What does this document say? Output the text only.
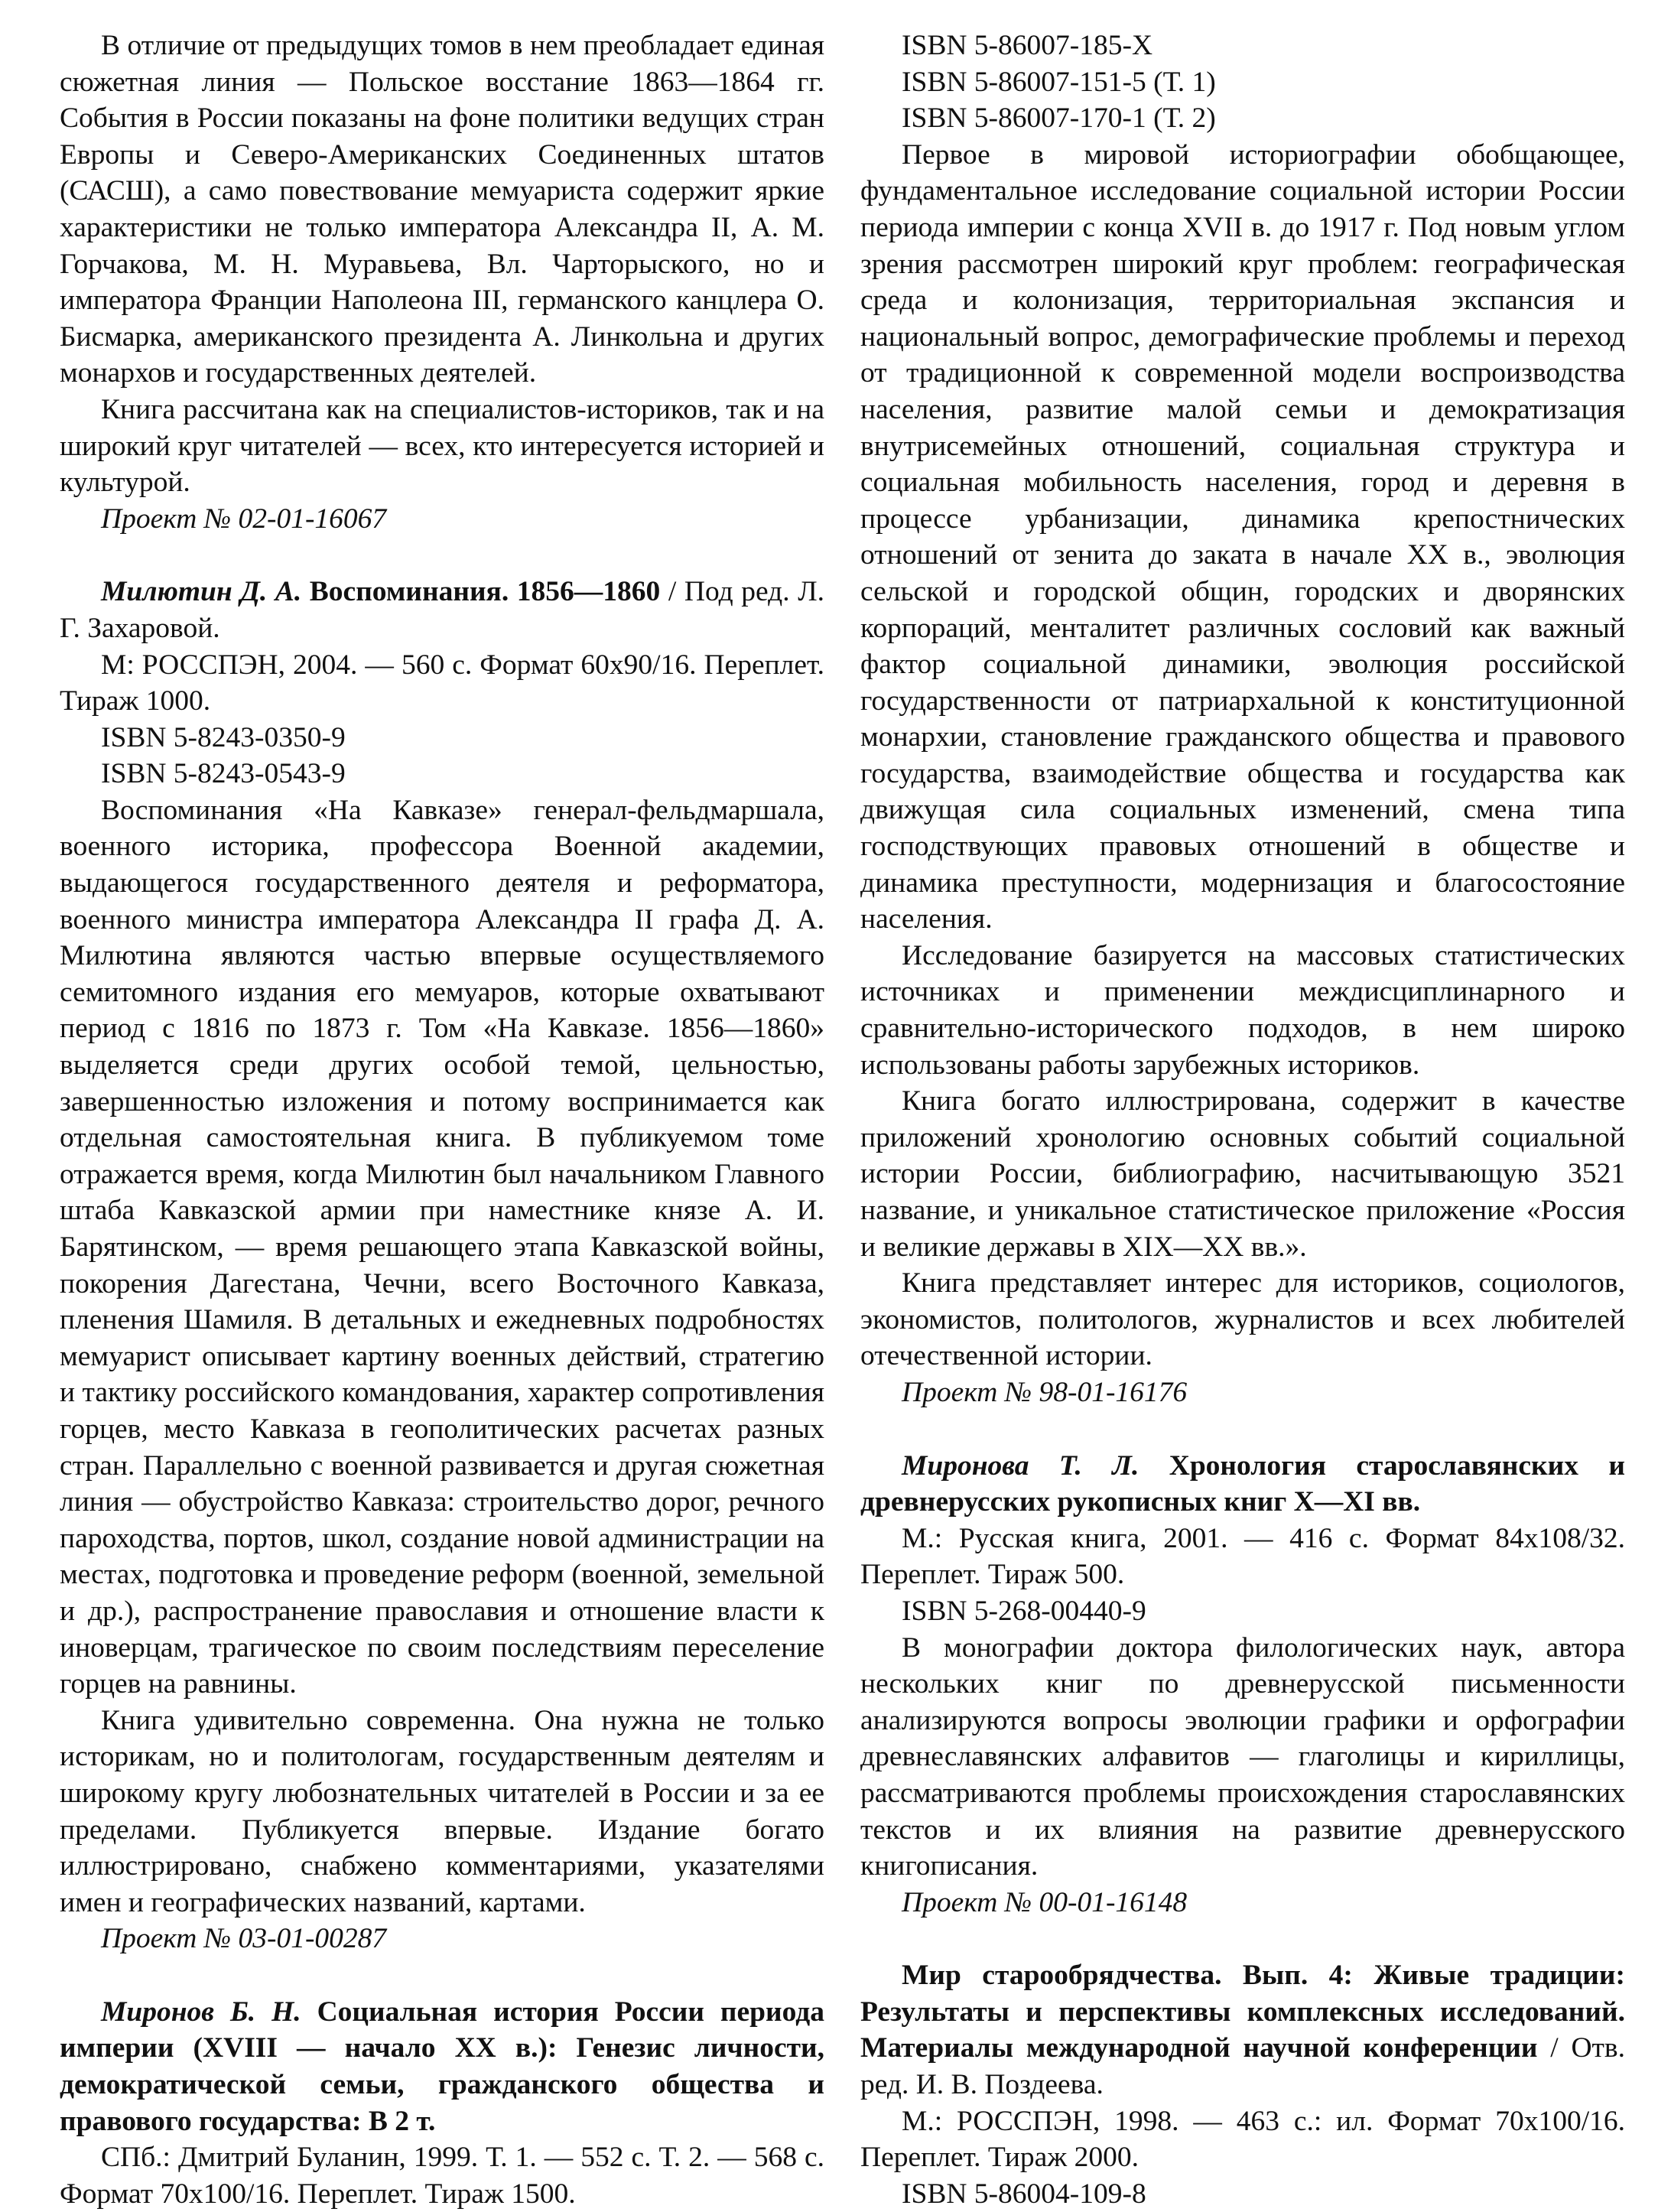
В отличие от предыдущих томов в нем преобладает единая сюжетная линия — Польское восстание 1863—1864 гг. События в России показаны на фоне политики ведущих стран Европы и Северо-Американских Соединенных штатов (САСШ), а само повествование мемуариста содержит яркие характеристики не только императора Александра II, А. М. Горчакова, М. Н. Муравьева, Вл. Чарторыского, но и императора Франции Наполеона III, германского канцлера О. Бисмарка, американского президента А. Линкольна и других монархов и государственных деятелей.

Книга рассчитана как на специалистов-историков, так и на широкий круг читателей — всех, кто интересуется историей и культурой.

Проект № 02-01-16067

Милютин Д. А. Воспоминания. 1856—1860 / Под ред. Л. Г. Захаровой.

М: РОССПЭН, 2004. — 560 с. Формат 60х90/16. Переплет. Тираж 1000.

ISBN 5-8243-0350-9

ISBN 5-8243-0543-9

Воспоминания «На Кавказе» генерал-фельдмаршала, военного историка, профессора Военной академии, выдающегося государственного деятеля и реформатора, военного министра императора Александра II графа Д. А. Милютина являются частью впервые осуществляемого семитомного издания его мемуаров, которые охватывают период с 1816 по 1873 г. Том «На Кавказе. 1856—1860» выделяется среди других особой темой, цельностью, завершенностью изложения и потому воспринимается как отдельная самостоятельная книга. В публикуемом томе отражается время, когда Милютин был начальником Главного штаба Кавказской армии при наместнике князе А. И. Барятинском, — время решающего этапа Кавказской войны, покорения Дагестана, Чечни, всего Восточного Кавказа, пленения Шамиля. В детальных и ежедневных подробностях мемуарист описывает картину военных действий, стратегию и тактику российского командования, характер сопротивления горцев, место Кавказа в геополитических расчетах разных стран. Параллельно с военной развивается и другая сюжетная линия — обустройство Кавказа: строительство дорог, речного пароходства, портов, школ, создание новой администрации на местах, подготовка и проведение реформ (военной, земельной и др.), распространение православия и отношение власти к иноверцам, трагическое по своим последствиям переселение горцев на равнины.

Книга удивительно современна. Она нужна не только историкам, но и политологам, государственным деятелям и широкому кругу любознательных читателей в России и за ее пределами. Публикуется впервые. Издание богато иллюстрировано, снабжено комментариями, указателями имен и географических названий, картами.

Проект № 03-01-00287

Миронов Б. Н. Социальная история России периода империи (XVIII — начало XX в.): Генезис личности, демократической семьи, гражданского общества и правового государства: В 2 т.

СПб.: Дмитрий Буланин, 1999. Т. 1. — 552 с. Т. 2. — 568 с. Формат 70х100/16. Переплет. Тираж 1500.

ISBN 5-86007-185-X

ISBN 5-86007-151-5 (Т. 1)

ISBN 5-86007-170-1 (Т. 2)

Первое в мировой историографии обобщающее, фундаментальное исследование социальной истории России периода империи с конца XVII в. до 1917 г. Под новым углом зрения рассмотрен широкий круг проблем: географическая среда и колонизация, территориальная экспансия и национальный вопрос, демографические проблемы и переход от традиционной к современной модели воспроизводства населения, развитие малой семьи и демократизация внутрисемейных отношений, социальная структура и социальная мобильность населения, город и деревня в процессе урбанизации, динамика крепостнических отношений от зенита до заката в начале XX в., эволюция сельской и городской общин, городских и дворянских корпораций, менталитет различных сословий как важный фактор социальной динамики, эволюция российской государственности от патриархальной к конституционной монархии, становление гражданского общества и правового государства, взаимодействие общества и государства как движущая сила социальных изменений, смена типа господствующих правовых отношений в обществе и динамика преступности, модернизация и благосостояние населения.

Исследование базируется на массовых статистических источниках и применении междисциплинарного и сравнительно-исторического подходов, в нем широко использованы работы зарубежных историков.

Книга богато иллюстрирована, содержит в качестве приложений хронологию основных событий социальной истории России, библиографию, насчитывающую 3521 название, и уникальное статистическое приложение «Россия и великие державы в XIX—XX вв.».

Книга представляет интерес для историков, социологов, экономистов, политологов, журналистов и всех любителей отечественной истории.

Проект № 98-01-16176

Миронова Т. Л. Хронология старославянских и древнерусских рукописных книг X—XI вв.

М.: Русская книга, 2001. — 416 с. Формат 84х108/32. Переплет. Тираж 500.

ISBN 5-268-00440-9

В монографии доктора филологических наук, автора нескольких книг по древнерусской письменности анализируются вопросы эволюции графики и орфографии древнеславянских алфавитов — глаголицы и кириллицы, рассматриваются проблемы происхождения старославянских текстов и их влияния на развитие древнерусского книгописания.

Проект № 00-01-16148

Мир старообрядчества. Вып. 4: Живые традиции: Результаты и перспективы комплексных исследований. Материалы международной научной конференции / Отв. ред. И. В. Поздеева.

М.: РОССПЭН, 1998. — 463 с.: ил. Формат 70х100/16. Переплет. Тираж 2000.

ISBN 5-86004-109-8
